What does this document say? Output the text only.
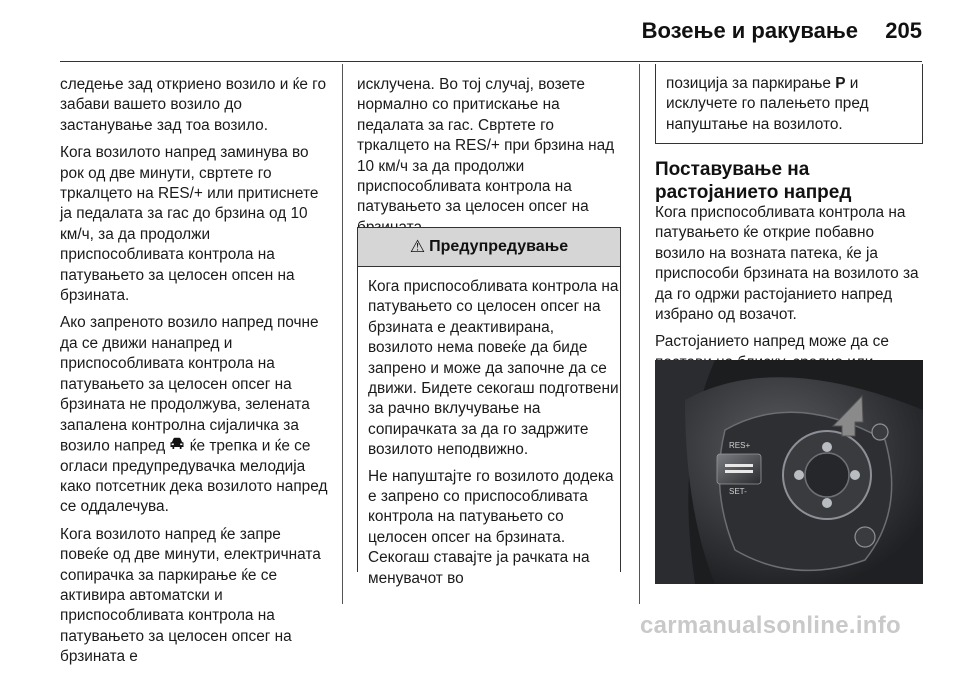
Возење и ракување 205

следење зад откриено возило и ќе го забави вашето возило до застанување зад тоа возило.

Кога возилото напред заминува во рок од две минути, свртете го тркалцето на RES/+ или притиснете ја педалата за гас до брзина од 10 км/ч, за да продолжи приспособливата контрола на патувањето за целосен опсен на брзината.

Ако запреното возило напред почне да се движи нанапред и приспособливата контрола на патувањето за целосен опсег на брзината не продолжува, зелената запалена контролна сијаличка за возило напред ќе трепка и ќе се огласи предупредувачка мелодија како потсетник дека возилото напред се оддалечува.

Кога возилото напред ќе запре повеќе од две минути, електричната сопирачка за паркирање ќе се активира автоматски и приспособливата контрола на патувањето за целосен опсег на брзината е

исклучена. Во тој случај, возете нормално со притискање на педалата за гас. Свртете го тркалцето на RES/+ при брзина над 10 км/ч за да продолжи приспособливата контрола на патувањето за целосен опсег на

⚠ Предупредување

Кога приспособливата контрола на патувањето со целосен опсег на брзината е деактивирана, возилото нема повеќе да биде запрено и може да започне да се движи. Бидете секогаш подготвени за рачно вклучување на сопирачката за да го задржите возилото неподвижно.

Не напуштајте го возилото додека е запрено со приспособливата контрола на патувањето со целосен опсег на брзината. Секогаш ставајте ја рачката на менувачот во

позиција за паркирање P и исклучете го палењето пред напуштање на возилото.
Поставување на растојанието напред

Кога приспособливата контрола на патувањето ќе открие побавно возило на возната патека, ќе ја приспособи брзината на возилото за да го одржи растојанието напред избрано од возачот.

Растојанието напред може да се

RES+
SET-
carmanualsonline.info
